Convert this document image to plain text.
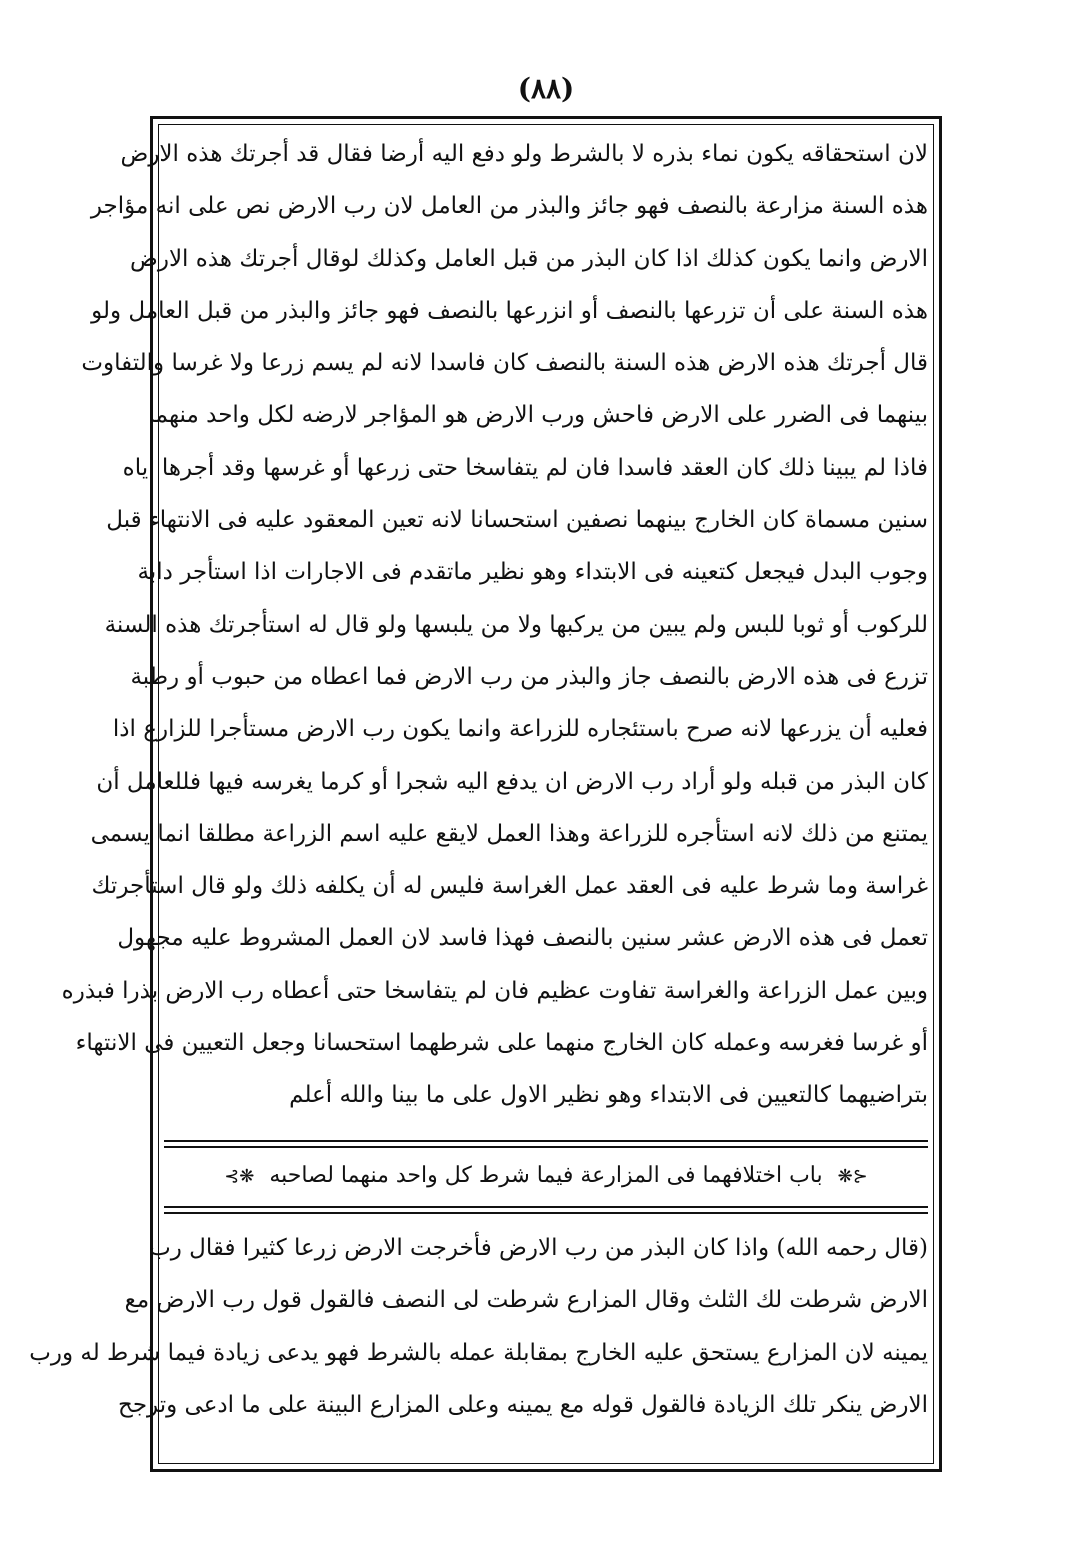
(٨٨)
لان استحقاقه يكون نماء بذره لا بالشرط ولو دفع اليه أرضا فقال قد أجرتك هذه الارض
هذه السنة مزارعة بالنصف فهو جائز والبذر من العامل لان رب الارض نص على انه مؤاجر
الارض وانما يكون كذلك اذا كان البذر من قبل العامل وكذلك لوقال أجرتك هذه الارض
هذه السنة على أن تزرعها بالنصف أو انزرعها بالنصف فهو جائز والبذر من قبل العامل ولو
قال أجرتك هذه الارض هذه السنة بالنصف كان فاسدا لانه لم يسم زرعا ولا غرسا والتفاوت
بينهما فى الضرر على الارض فاحش ورب الارض هو المؤاجر لارضه لكل واحد منهما
فاذا لم يبينا ذلك كان العقد فاسدا فان لم يتفاسخا حتى زرعها أو غرسها وقد أجرها اياه
سنين مسماة كان الخارج بينهما نصفين استحسانا لانه تعين المعقود عليه فى الانتهاء قبل
وجوب البدل فيجعل كتعينه فى الابتداء وهو نظير ماتقدم فى الاجارات اذا استأجر دابة
للركوب أو ثوبا للبس ولم يبين من يركبها ولا من يلبسها ولو قال له استأجرتك هذه السنة
تزرع فى هذه الارض بالنصف جاز والبذر من رب الارض فما اعطاه من حبوب أو رطبة
فعليه أن يزرعها لانه صرح باستئجاره للزراعة وانما يكون رب الارض مستأجرا للزارع اذا
كان البذر من قبله ولو أراد رب الارض ان يدفع اليه شجرا أو كرما يغرسه فيها فللعامل أن
يمتنع من ذلك لانه استأجره للزراعة وهذا العمل لايقع عليه اسم الزراعة مطلقا انما يسمى
غراسة وما شرط عليه فى العقد عمل الغراسة فليس له أن يكلفه ذلك ولو قال استأجرتك
تعمل فى هذه الارض عشر سنين بالنصف فهذا فاسد لان العمل المشروط عليه مجهول
وبين عمل الزراعة والغراسة تفاوت عظيم فان لم يتفاسخا حتى أعطاه رب الارض بذرا فبذره
أو غرسا فغرسه وعمله كان الخارج منهما على شرطهما استحسانا وجعل التعيين فى الانتهاء
بتراضيهما كالتعيين فى الابتداء وهو نظير الاول على ما بينا والله أعلم
⊰❋ باب اختلافهما فى المزارعة فيما شرط كل واحد منهما لصاحبه ❋⊱
(قال رحمه الله) واذا كان البذر من رب الارض فأخرجت الارض زرعا كثيرا فقال رب
الارض شرطت لك الثلث وقال المزارع شرطت لى النصف فالقول قول رب الارض مع
يمينه لان المزارع يستحق عليه الخارج بمقابلة عمله بالشرط فهو يدعى زيادة فيما شرط له ورب
الارض ينكر تلك الزيادة فالقول قوله مع يمينه وعلى المزارع البينة على ما ادعى وترجح
